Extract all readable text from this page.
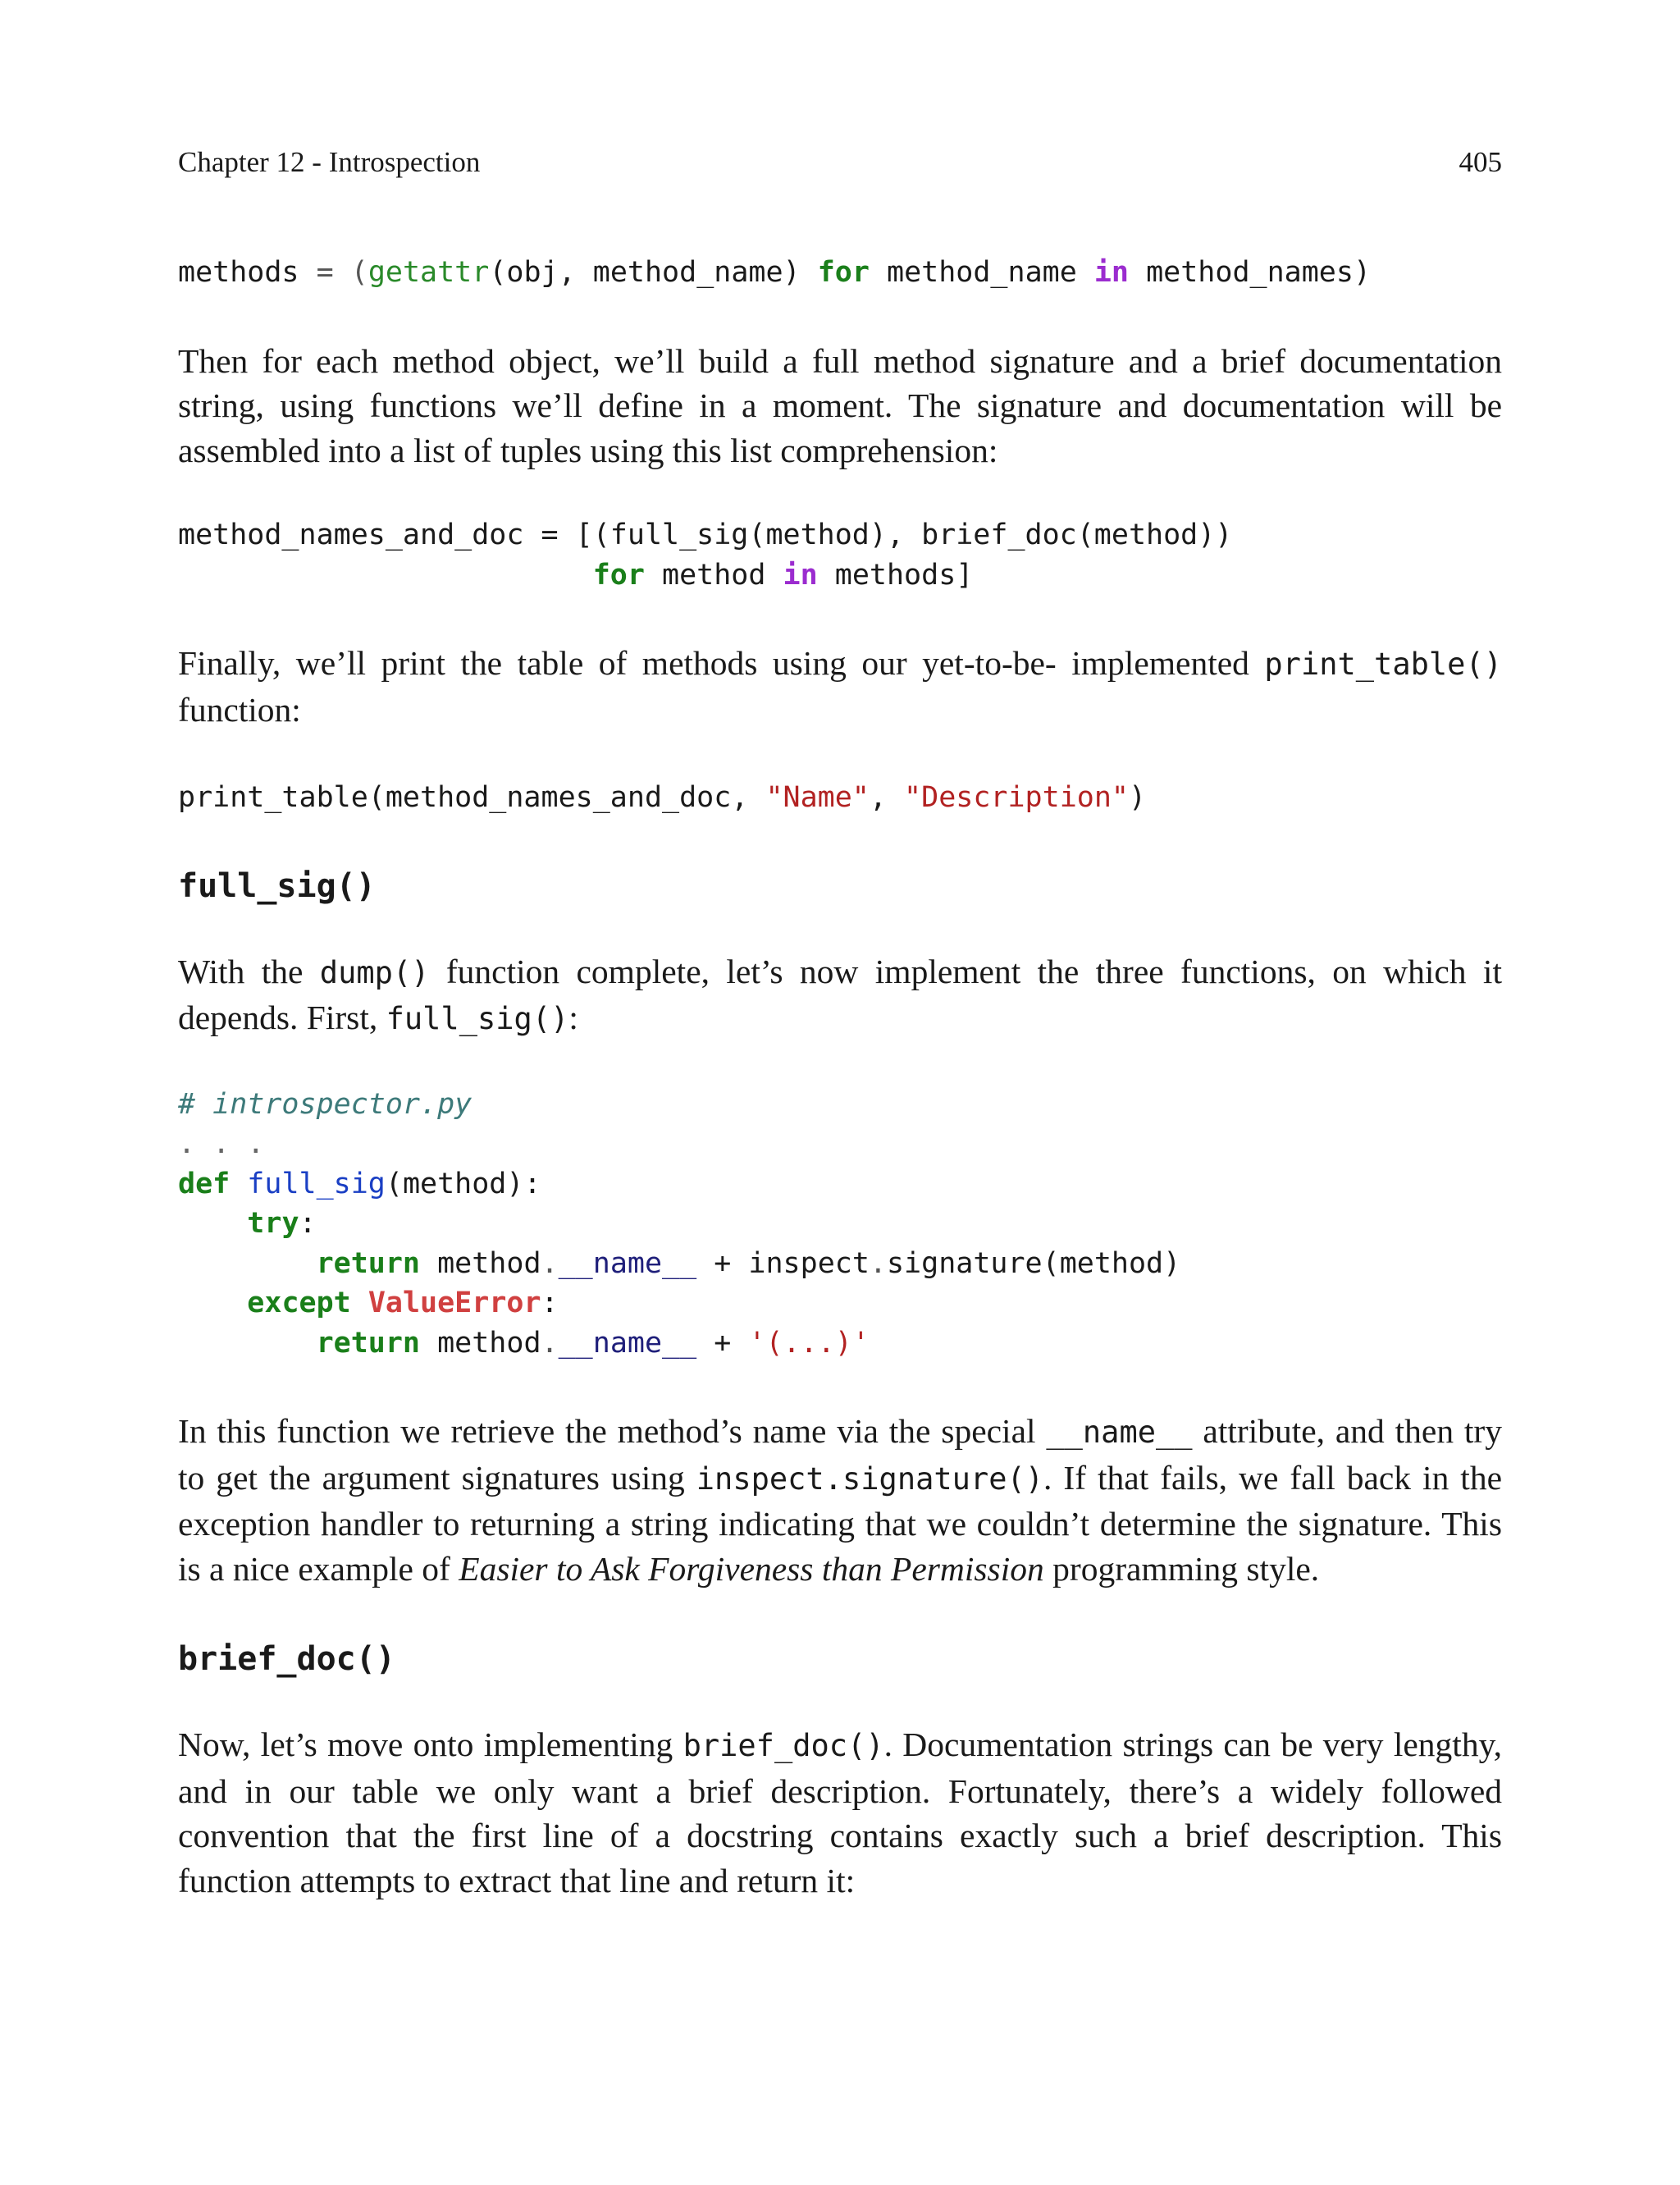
Chapter 12 - Introspection	405
methods = (getattr(obj, method_name) for method_name in method_names)

Then for each method object, we’ll build a full method signature and a brief documentation string, using functions we’ll define in a moment. The signature and documentation will be assembled into a list of tuples using this list comprehension:

method_names_and_doc = [(full_sig(method), brief_doc(method))
for method in methods]

Finally, we’ll print the table of methods using our yet-to-be- implemented print_table() function:

print_table(method_names_and_doc, "Name", "Description")
full_sig()

With the dump() function complete, let’s now implement the three functions, on which it depends. First, full_sig():

# introspector.py
. . .
def full_sig(method):
try:
return method.__name__ + inspect.signature(method)
except ValueError:
return method.__name__ + '(...)'

In this function we retrieve the method’s name via the special __name__ attribute, and then try to get the argument signatures using inspect.signature(). If that fails, we fall back in the exception handler to returning a string indicating that we couldn’t determine the signature. This is a nice example of Easier to Ask Forgiveness than Permission programming style.

brief_doc()

Now, let’s move onto implementing brief_doc(). Documentation strings can be very lengthy, and in our table we only want a brief description. Fortunately, there’s a widely followed convention that the first line of a docstring contains exactly such a brief description. This function attempts to extract that line and return it:
